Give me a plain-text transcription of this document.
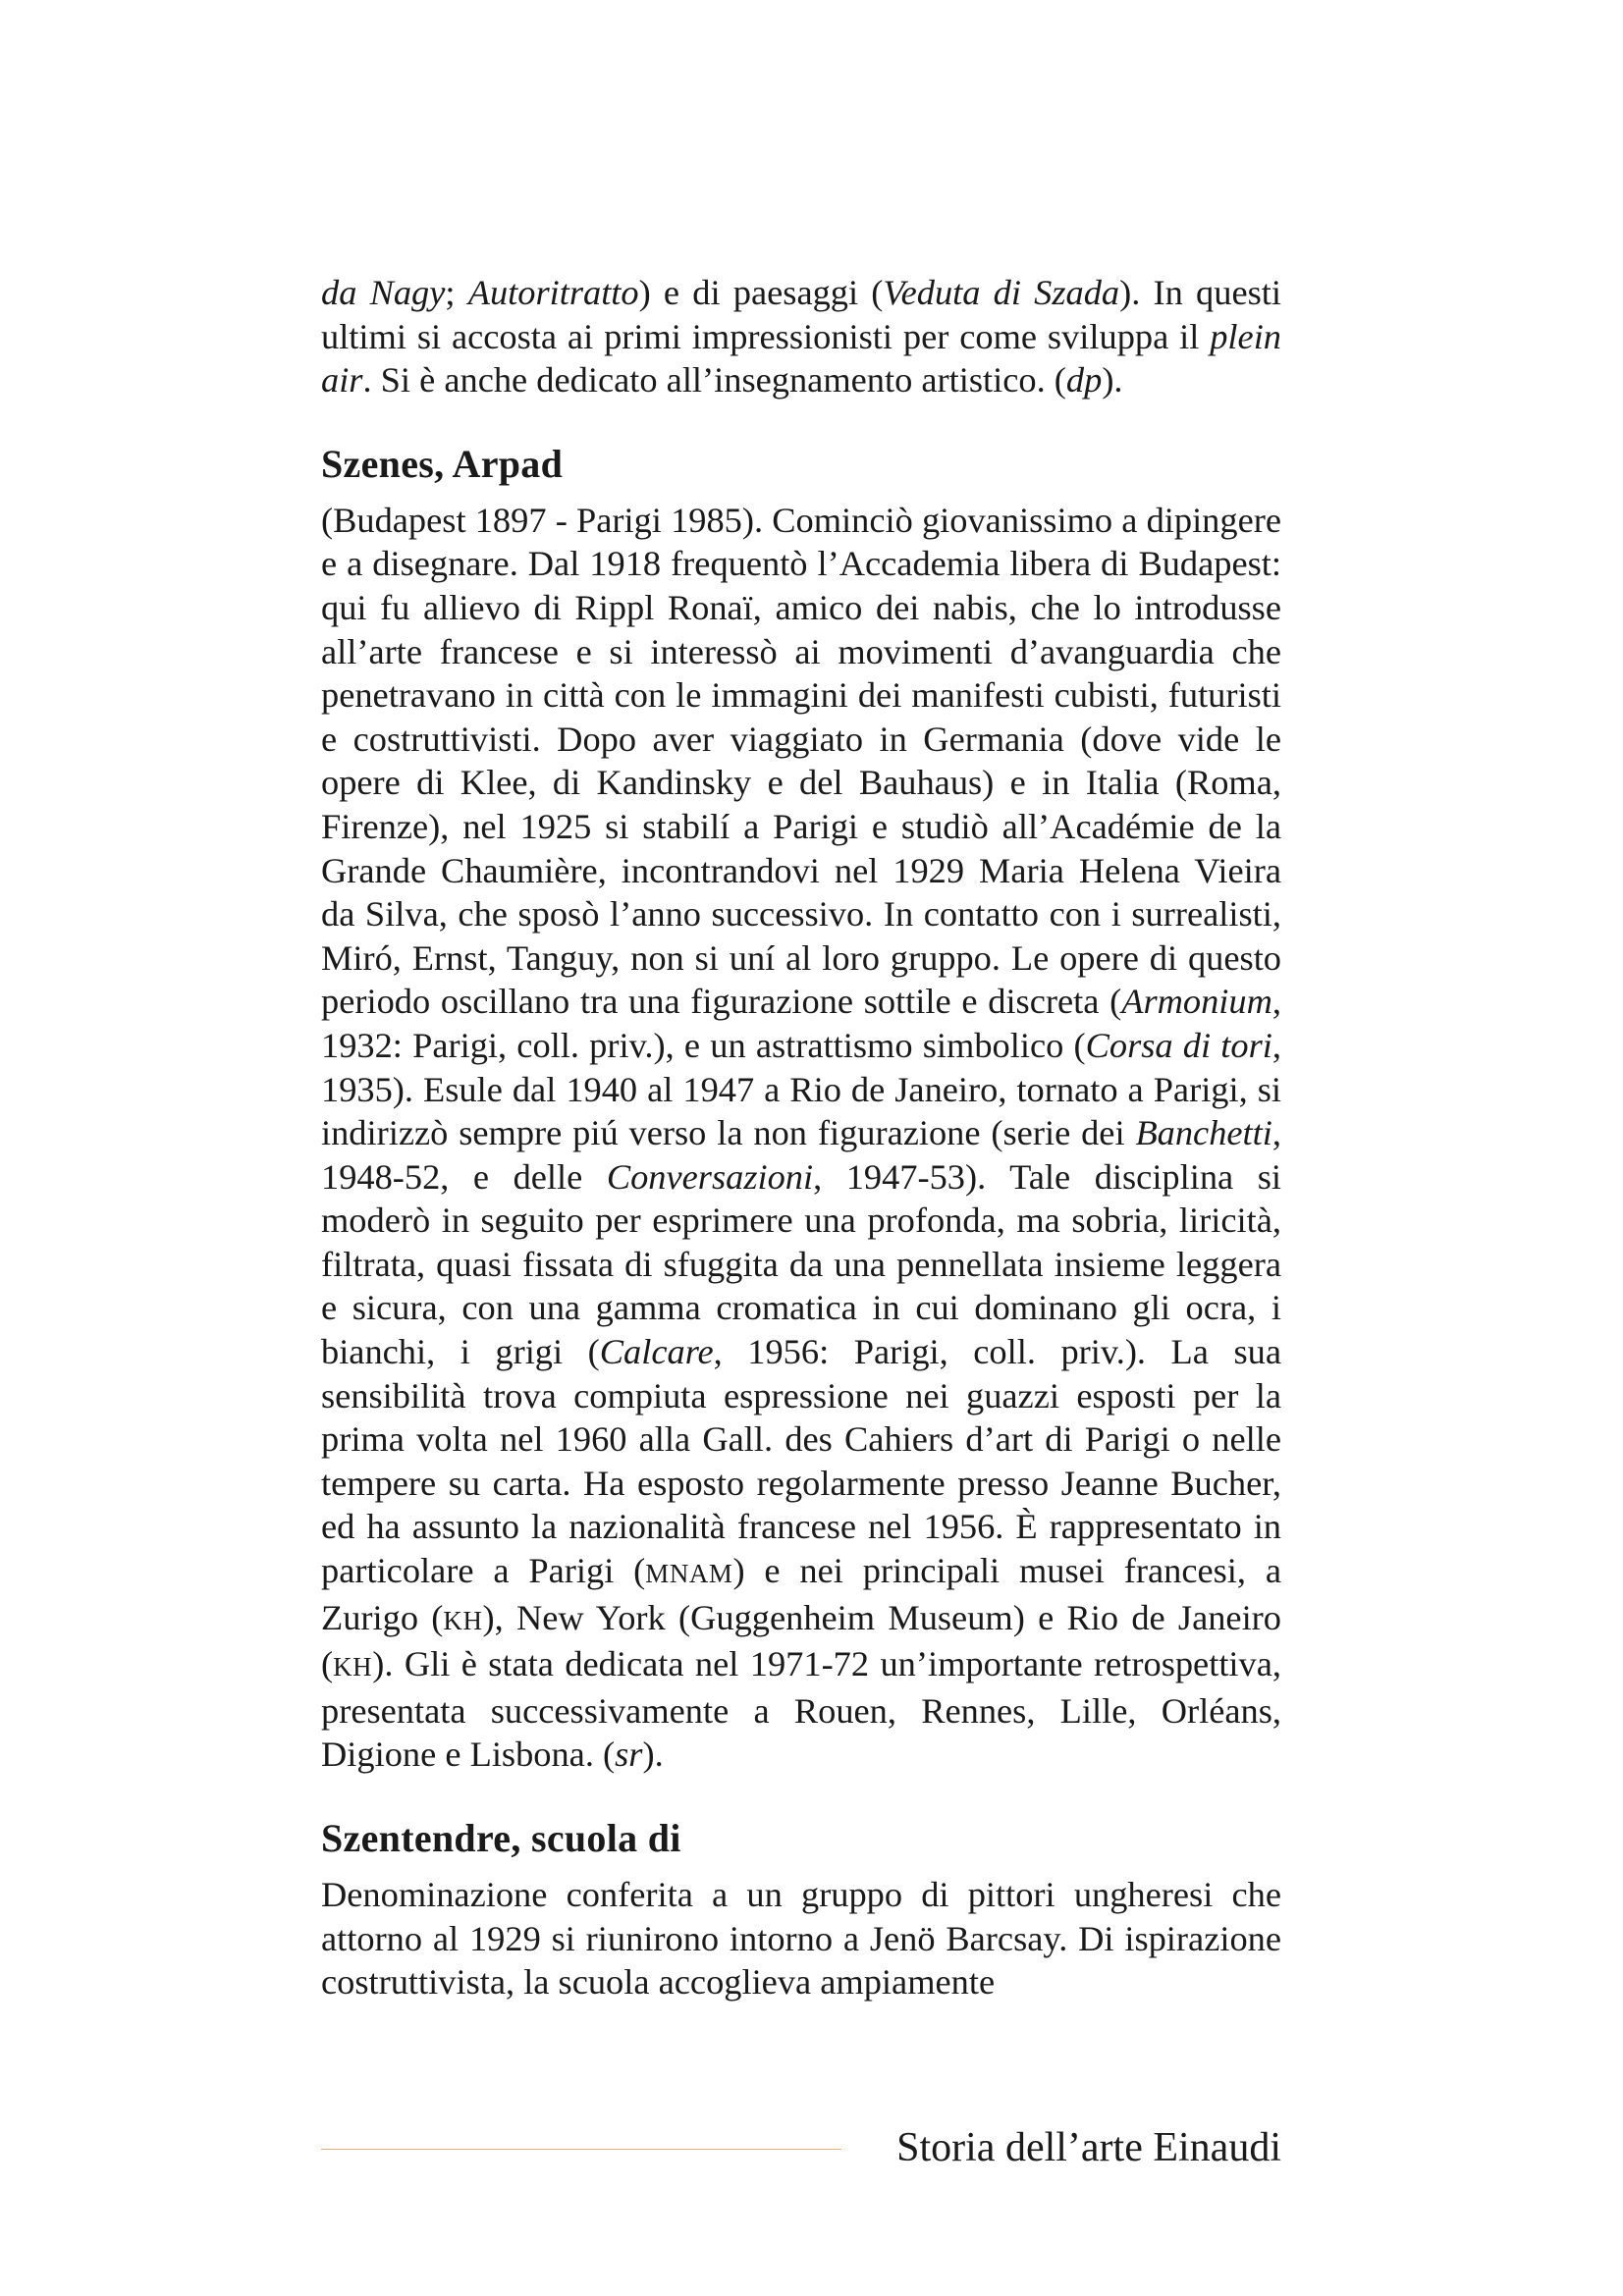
da Nagy; Autoritratto) e di paesaggi (Veduta di Szada). In questi ultimi si accosta ai primi impressionisti per come sviluppa il plein air. Si è anche dedicato all’insegnamento artistico. (dp).

Szenes, Arpad

(Budapest 1897 - Parigi 1985). Cominciò giovanissimo a dipingere e a disegnare. Dal 1918 frequentò l’Accademia libera di Budapest: qui fu allievo di Rippl Ronaï, amico dei nabis, che lo introdusse all’arte francese e si interessò ai movimenti d’avanguardia che penetravano in città con le immagini dei manifesti cubisti, futuristi e costruttivisti. Dopo aver viaggiato in Germania (dove vide le opere di Klee, di Kandinsky e del Bauhaus) e in Italia (Roma, Firenze), nel 1925 si stabilí a Parigi e studiò all’Académie de la Grande Chaumière, incontrandovi nel 1929 Maria Helena Vieira da Silva, che sposò l’anno successivo. In contatto con i surrealisti, Miró, Ernst, Tanguy, non si uní al loro gruppo. Le opere di questo periodo oscillano tra una figurazione sottile e discreta (Armonium, 1932: Parigi, coll. priv.), e un astrattismo simbolico (Corsa di tori, 1935). Esule dal 1940 al 1947 a Rio de Janeiro, tornato a Parigi, si indirizzò sempre piú verso la non figurazione (serie dei Banchetti, 1948-52, e delle Conversazioni, 1947-53). Tale disciplina si moderò in seguito per esprimere una profonda, ma sobria, liricità, filtrata, quasi fissata di sfuggita da una pennellata insieme leggera e sicura, con una gamma cromatica in cui dominano gli ocra, i bianchi, i grigi (Calcare, 1956: Parigi, coll. priv.). La sua sensibilità trova compiuta espressione nei guazzi esposti per la prima volta nel 1960 alla Gall. des Cahiers d’art di Parigi o nelle tempere su carta. Ha esposto regolarmente presso Jeanne Bucher, ed ha assunto la nazionalità francese nel 1956. È rappresentato in particolare a Parigi (MNAM) e nei principali musei francesi, a Zurigo (KH), New York (Guggenheim Museum) e Rio de Janeiro (KH). Gli è stata dedicata nel 1971-72 un’importante retrospettiva, presentata successivamente a Rouen, Rennes, Lille, Orléans, Digione e Lisbona. (sr).

Szentendre, scuola di

Denominazione conferita a un gruppo di pittori ungheresi che attorno al 1929 si riunirono intorno a Jenö Barcsay. Di ispirazione costruttivista, la scuola accoglieva ampiamente

Storia dell’arte Einaudi
